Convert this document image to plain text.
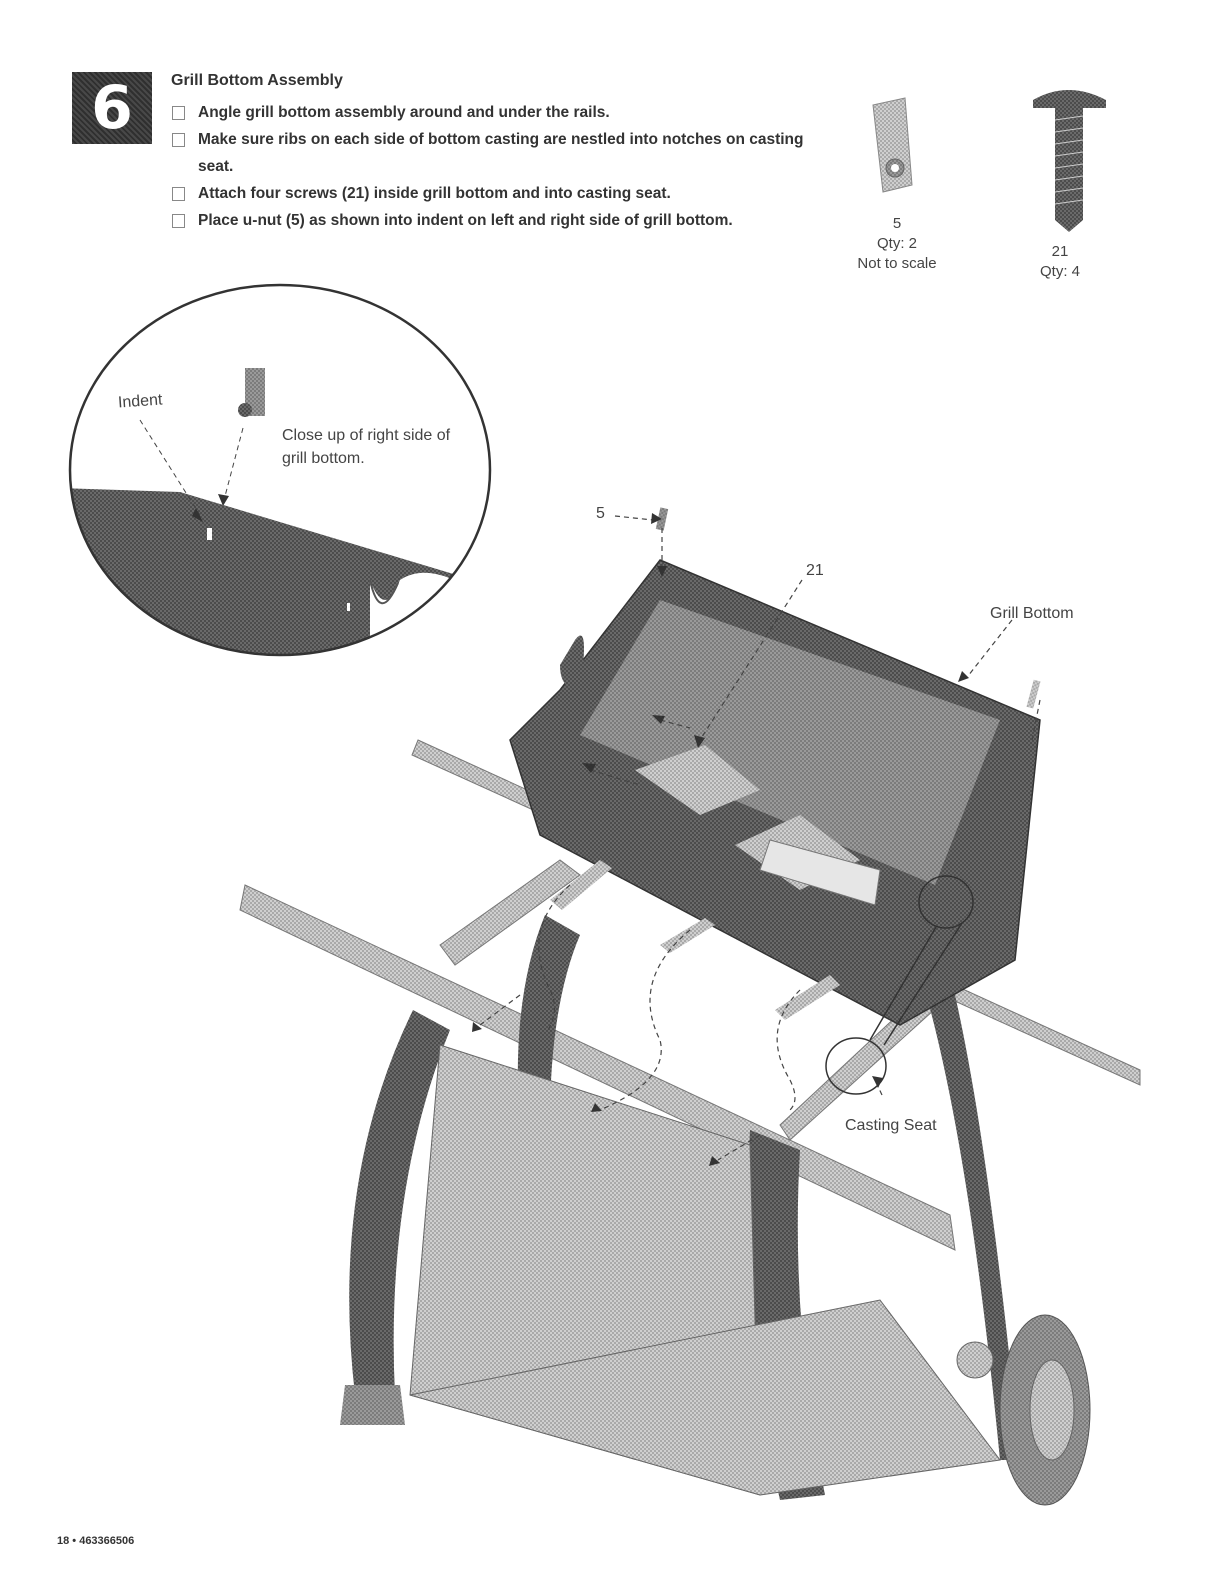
6 Grill Bottom Assembly
Angle grill bottom assembly around and under the rails.
Make sure ribs on each side of bottom casting are nestled into notches on casting seat.
Attach four screws (21) inside grill bottom and into casting seat.
Place u-nut (5) as shown into indent on left and right side of grill bottom.	5
Qty: 2
Not to scale
21
Qty: 4
Indent
Close up of right side of grill bottom.
5
21
Grill Bottom
Casting Seat
18 • 463366506
